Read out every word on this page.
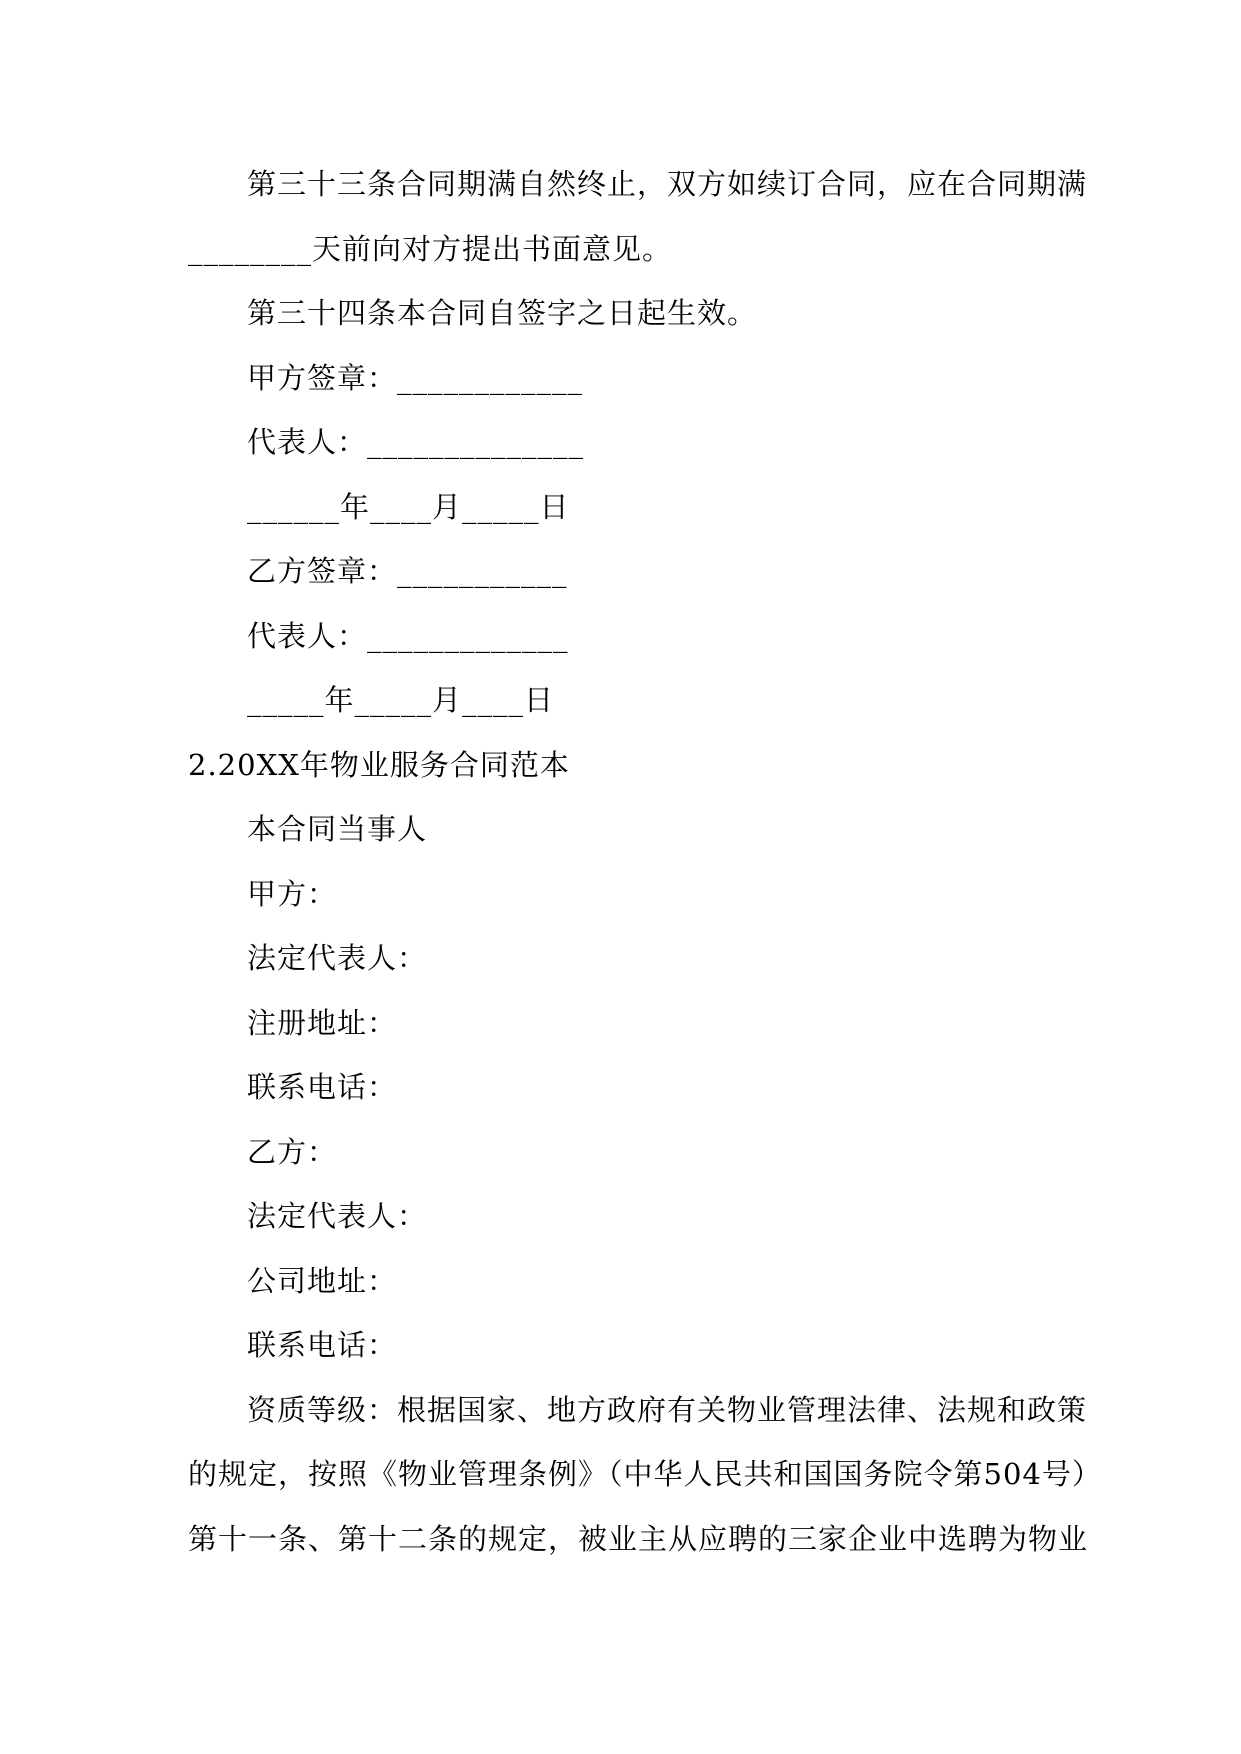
第三十三条合同期满自然终止，双方如续订合同，应在合同期满
________天前向对方提出书面意见。
第三十四条本合同自签字之日起生效。
甲方签章：____________
代表人：______________
______年____月_____日
乙方签章：___________
代表人：_____________
_____年_____月____日
2.20XX年物业服务合同范本
本合同当事人
甲方：
法定代表人：
注册地址：
联系电话：
乙方：
法定代表人：
公司地址：
联系电话：
资质等级：根据国家、地方政府有关物业管理法律、法规和政策
的规定，按照《物业管理条例》（中华人民共和国国务院令第504号）
第十一条、第十二条的规定，被业主从应聘的三家企业中选聘为物业
